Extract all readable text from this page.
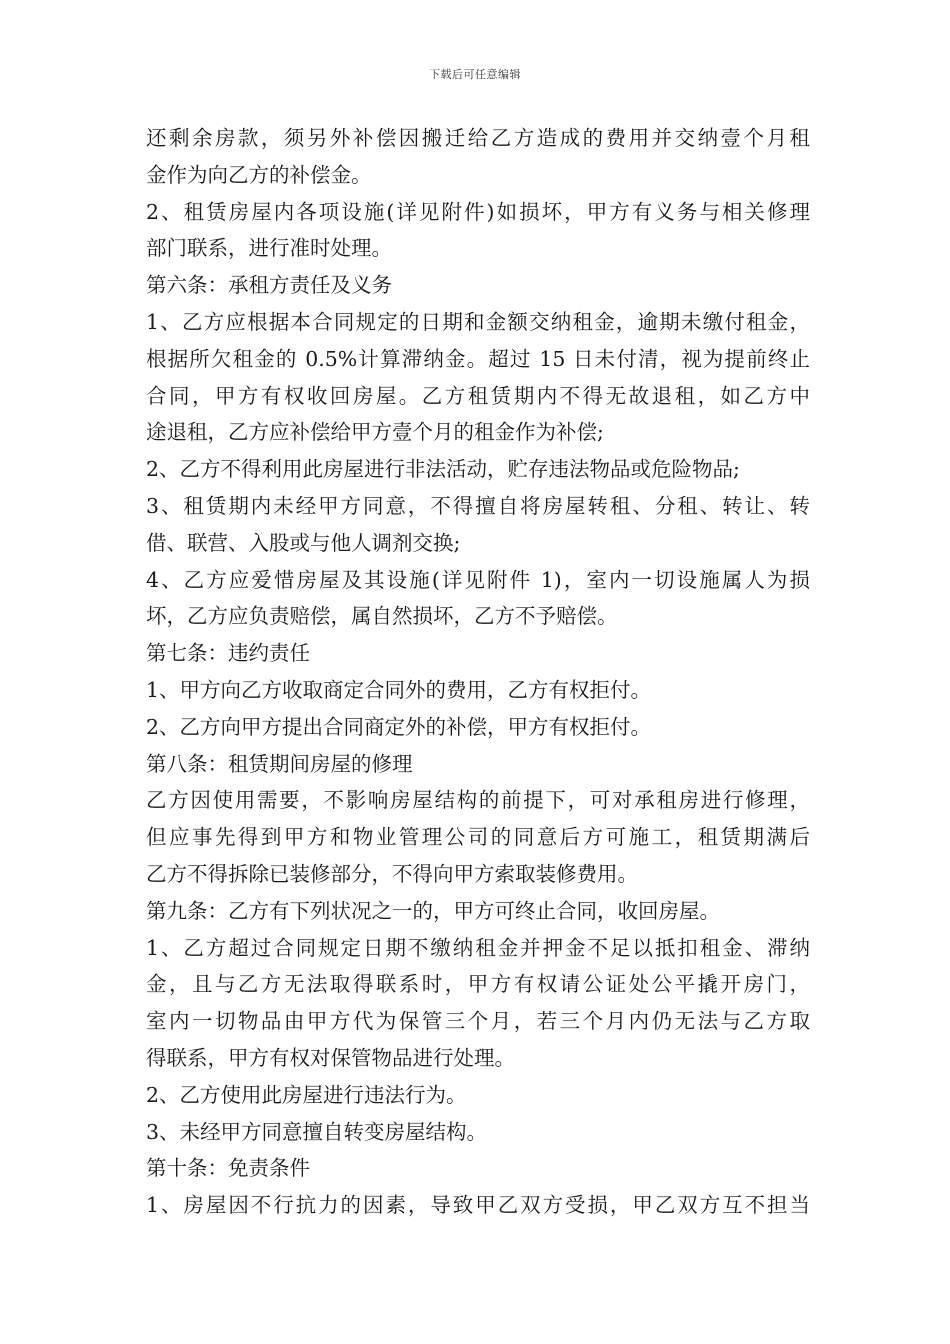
下载后可任意编辑
还剩余房款，须另外补偿因搬迁给乙方造成的费用并交纳壹个月租
金作为向乙方的补偿金。
2、租赁房屋内各项设施(详见附件)如损坏，甲方有义务与相关修理
部门联系，进行准时处理。
第六条：承租方责任及义务
1、乙方应根据本合同规定的日期和金额交纳租金，逾期未缴付租金，
根据所欠租金的 0.5%计算滞纳金。超过 15 日未付清，视为提前终止
合同，甲方有权收回房屋。乙方租赁期内不得无故退租，如乙方中
途退租，乙方应补偿给甲方壹个月的租金作为补偿;
2、乙方不得利用此房屋进行非法活动，贮存违法物品或危险物品;
3、租赁期内未经甲方同意，不得擅自将房屋转租、分租、转让、转
借、联营、入股或与他人调剂交换;
4、乙方应爱惜房屋及其设施(详见附件 1)，室内一切设施属人为损
坏，乙方应负责赔偿，属自然损坏，乙方不予赔偿。
第七条：违约责任
1、甲方向乙方收取商定合同外的费用，乙方有权拒付。
2、乙方向甲方提出合同商定外的补偿，甲方有权拒付。
第八条：租赁期间房屋的修理
乙方因使用需要，不影响房屋结构的前提下，可对承租房进行修理，
但应事先得到甲方和物业管理公司的同意后方可施工，租赁期满后
乙方不得拆除已装修部分，不得向甲方索取装修费用。
第九条：乙方有下列状况之一的，甲方可终止合同，收回房屋。
1、乙方超过合同规定日期不缴纳租金并押金不足以抵扣租金、滞纳
金，且与乙方无法取得联系时，甲方有权请公证处公平撬开房门，
室内一切物品由甲方代为保管三个月，若三个月内仍无法与乙方取
得联系，甲方有权对保管物品进行处理。
2、乙方使用此房屋进行违法行为。
3、未经甲方同意擅自转变房屋结构。
第十条：免责条件
1、房屋因不行抗力的因素，导致甲乙双方受损，甲乙双方互不担当
